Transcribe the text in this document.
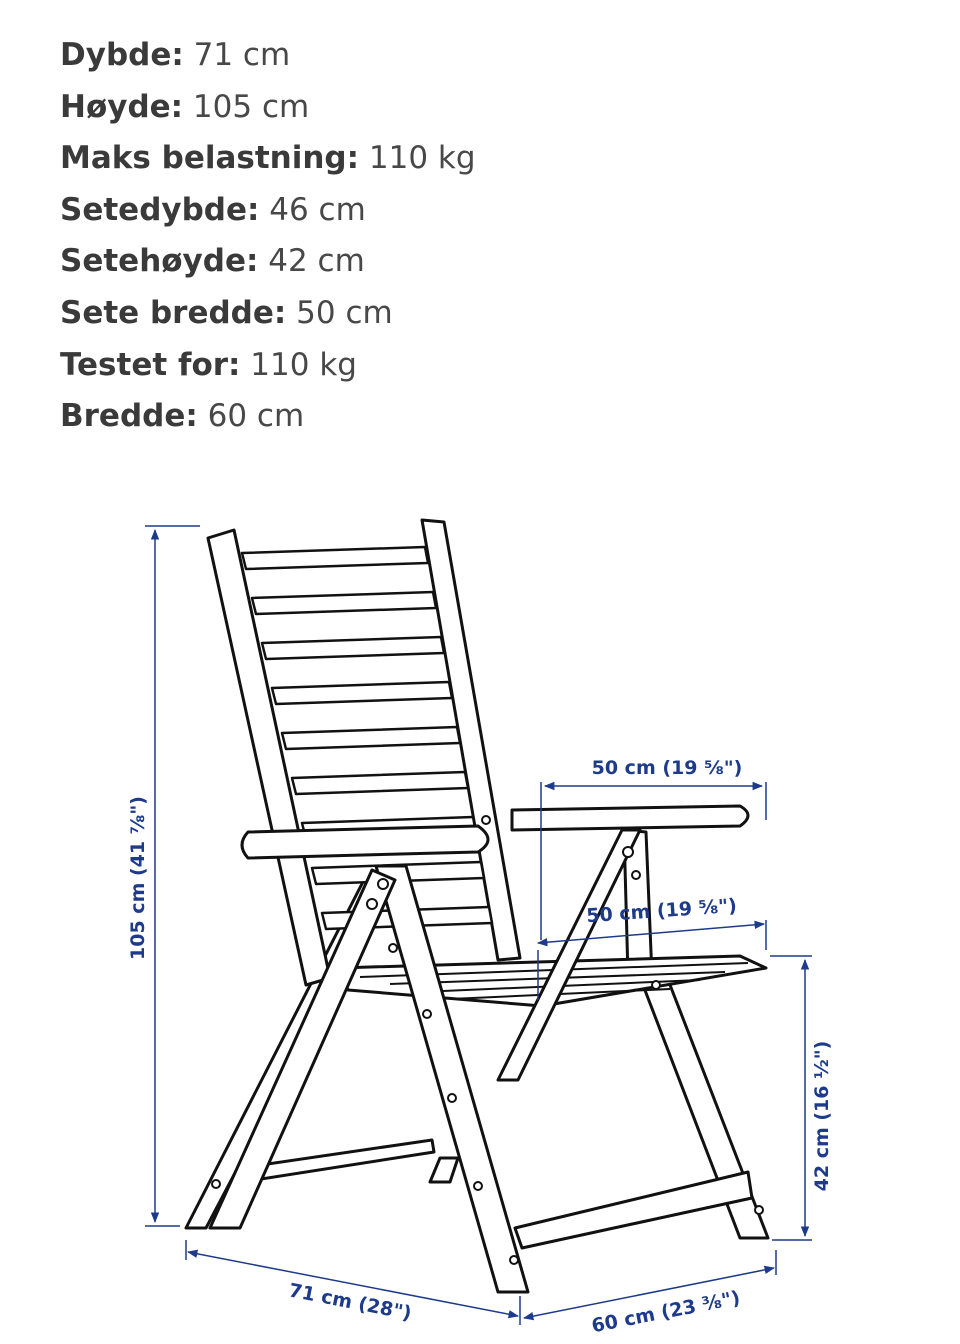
Dybde: 71 cm
Høyde: 105 cm
Maks belastning: 110 kg
Setedybde: 46 cm
Setehøyde: 42 cm
Sete bredde: 50 cm
Testet for: 110 kg
Bredde: 60 cm
105 cm (41 ⅞")
50 cm (19 ⅝")
50 cm (19 ⅝")
42 cm (16 ½")
71 cm (28")	60 cm (23 ⅜")
